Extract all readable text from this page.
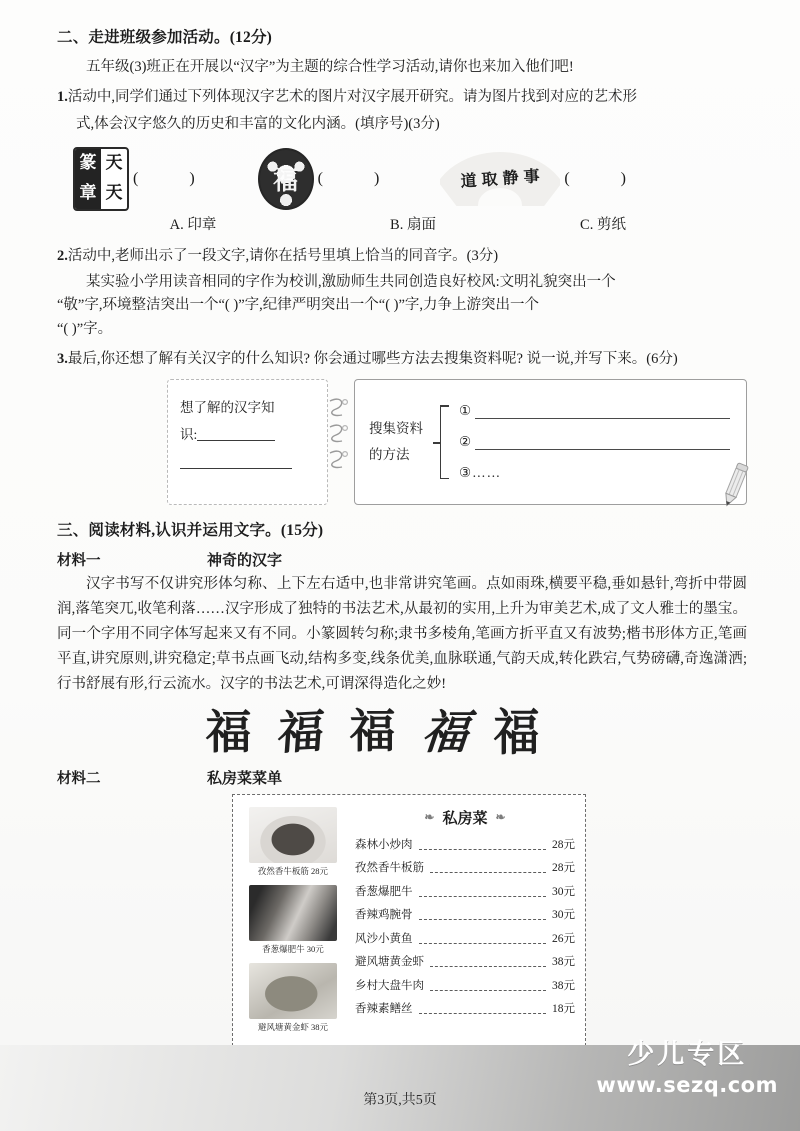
二、走进班级参加活动。(12分)

五年级(3)班正在开展以“汉字”为主题的综合性学习活动,请你也来加入他们吧!

1.活动中,同学们通过下列体现汉字艺术的图片对汉字展开研究。请为图片找到对应的艺术形

式,体会汉字悠久的历史和丰富的文化内涵。(填序号)(3分)

篆 天
章 天
(          ) 福	(          )	道 取 静 事 (          )
A. 印章	B. 扇面	C. 剪纸

2.活动中,老师出示了一段文字,请你在括号里填上恰当的同音字。(3分)

某实验小学用读音相同的字作为校训,激励师生共同创造良好校风:文明礼貌突出一个

“敬”字,环境整洁突出一个“( )”字,纪律严明突出一个“( )”字,力争上游突出一个

“( )”字。

3.最后,你还想了解有关汉字的什么知识? 你会通过哪些方法去搜集资料呢? 说一说,并写下来。(6分)

想了解的汉字知
识:	搜集资料
的方法
①
②
③……
三、阅读材料,认识并运用文字。(15分)
材料一	神奇的汉字

汉字书写不仅讲究形体匀称、上下左右适中,也非常讲究笔画。点如雨珠,横要平稳,垂如悬针,弯折中带圆润,落笔突兀,收笔利落……汉字形成了独特的书法艺术,从最初的实用,上升为审美艺术,成了文人雅士的墨宝。同一个字用不同字体写起来又有不同。小篆圆转匀称;隶书多棱角,笔画方折平直又有波势;楷书形体方正,笔画平直,讲究原则,讲究稳定;草书点画飞动,结构多变,线条优美,血脉联通,气韵天成,转化跌宕,气势磅礴,奇逸潇洒;行书舒展有形,行云流水。汉字的书法艺术,可谓深得造化之妙!

福 福 福 福 福
材料二	私房菜菜单
孜然香牛板筋 28元
香葱爆肥牛 30元
避风塘黄金虾 38元
❧ 私房菜 ❧
森林小炒肉	28元
孜然香牛板筋	28元
香葱爆肥牛	30元
香辣鸡腕骨	30元
风沙小黄鱼	26元
避风塘黄金虾	38元
乡村大盘牛肉	38元
香辣素鳝丝	18元
第3页,共5页
少儿专区
www.sezq.com
